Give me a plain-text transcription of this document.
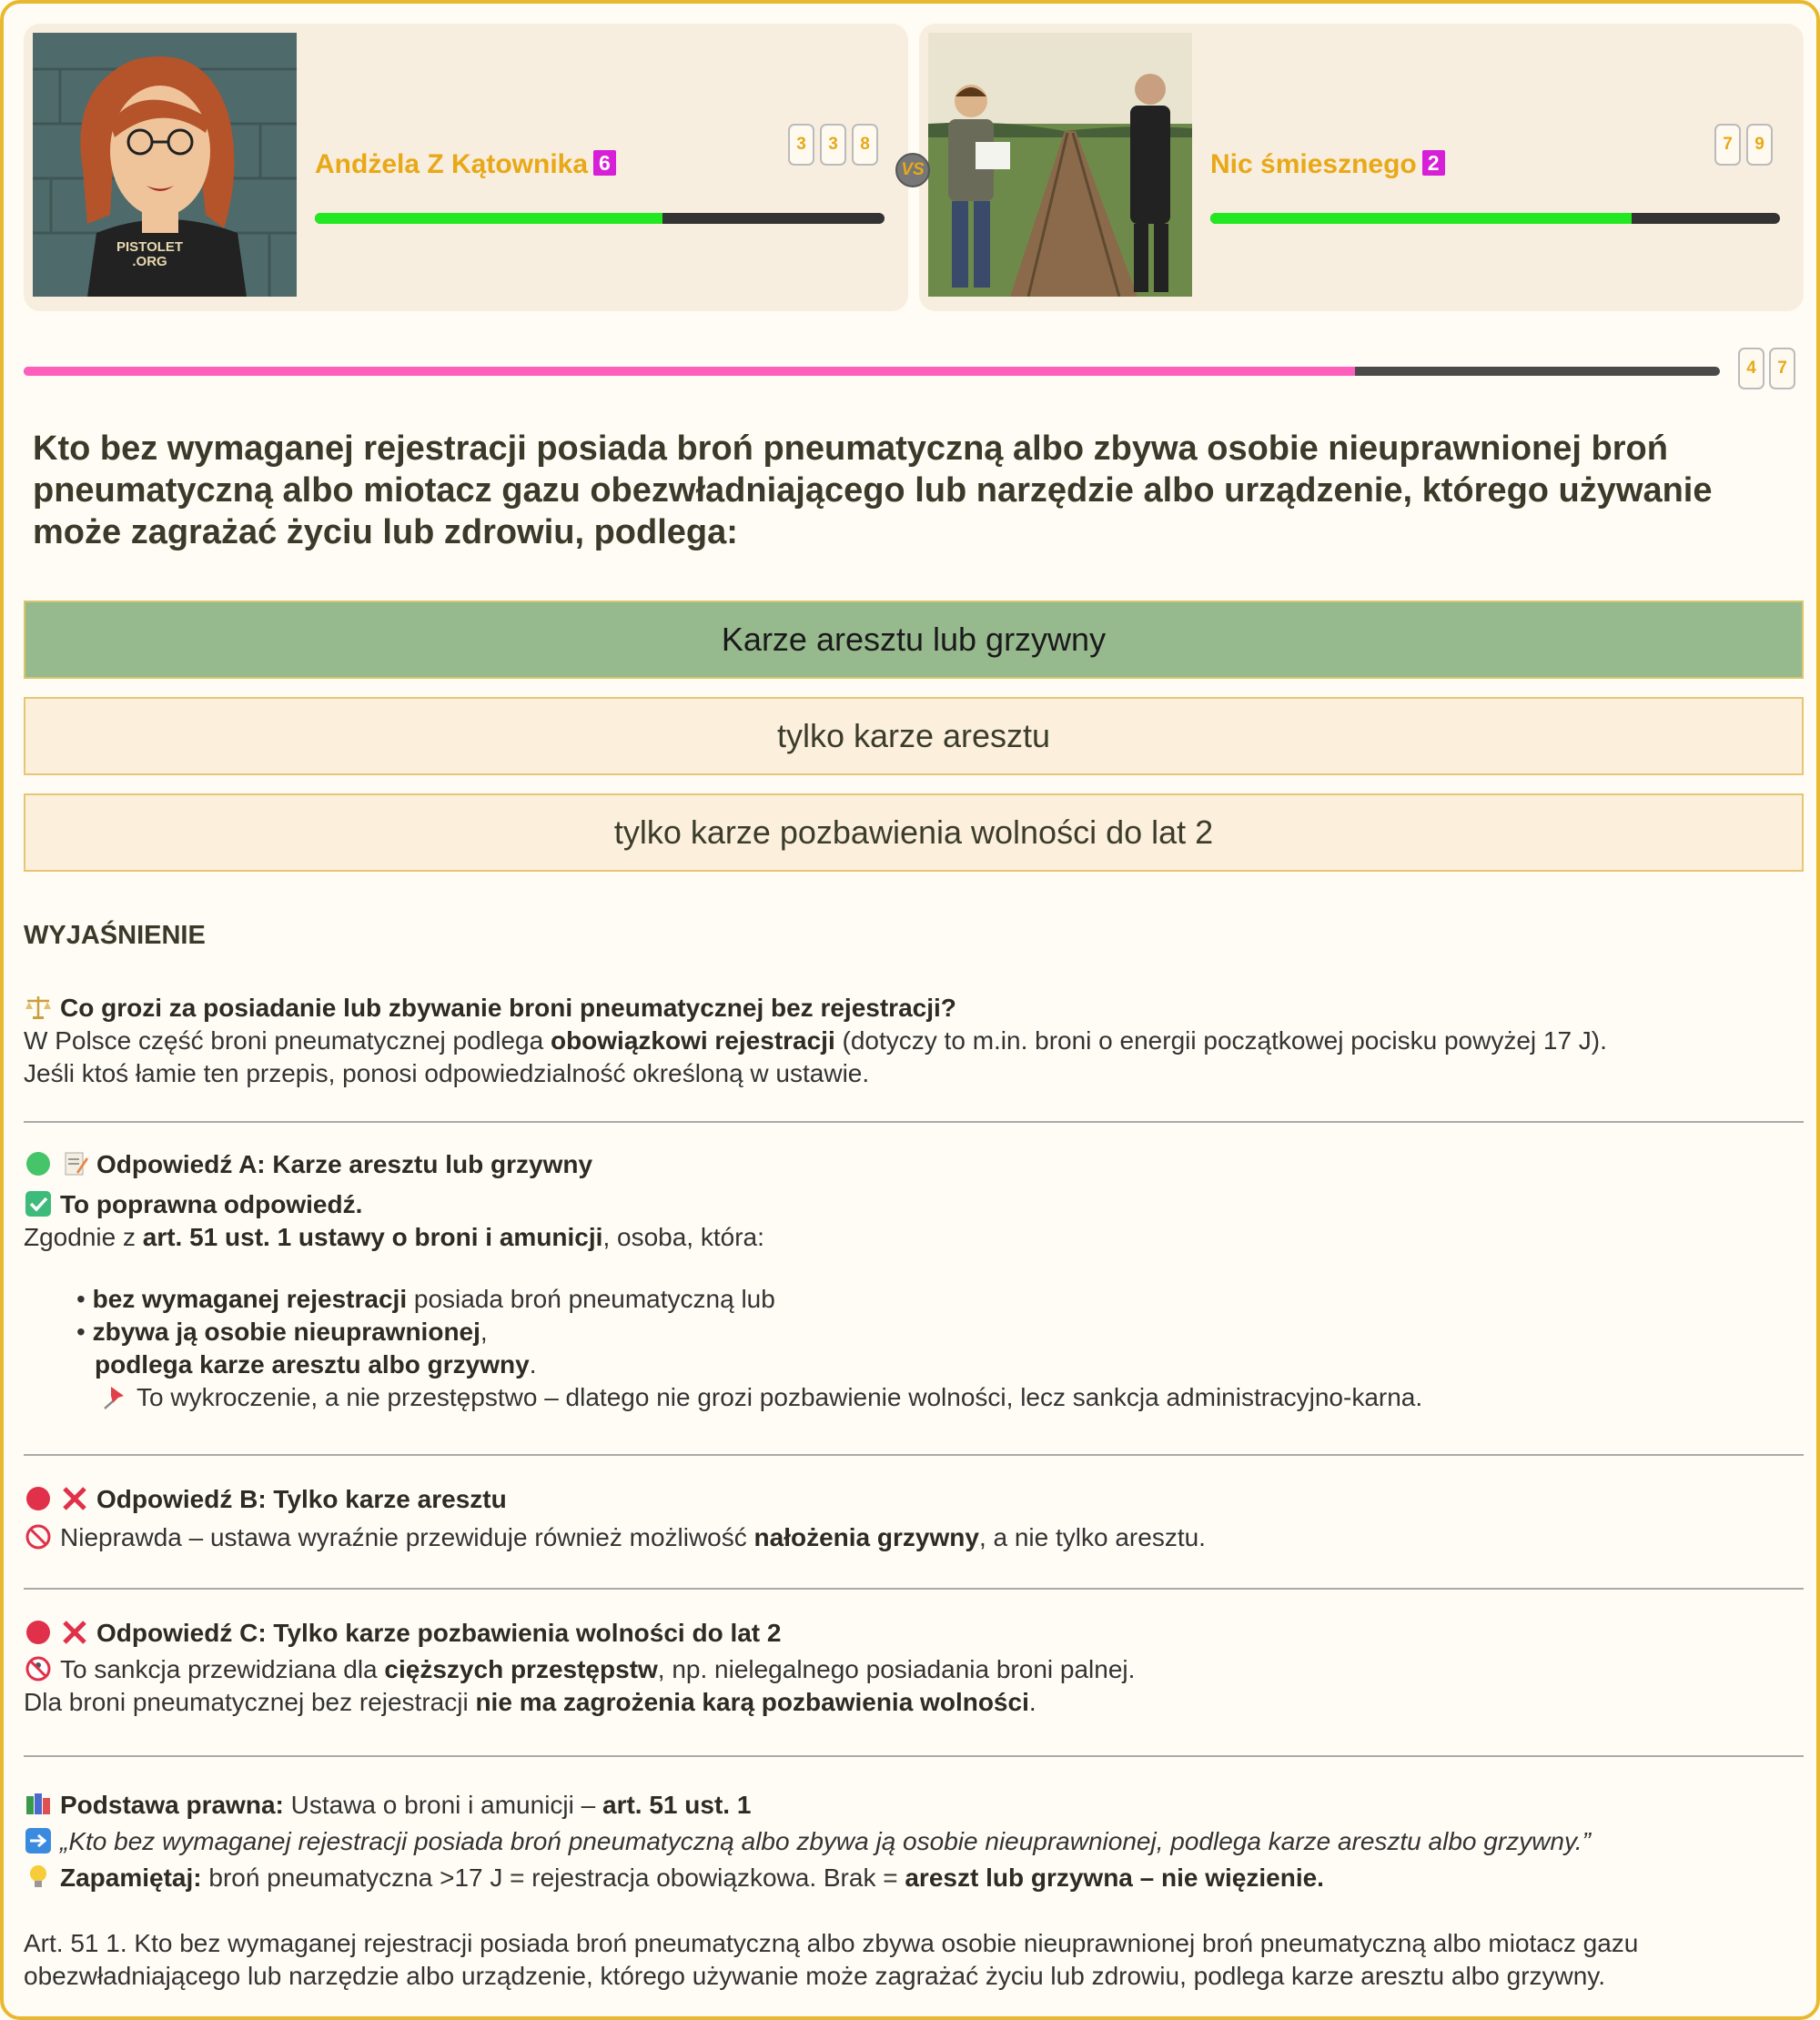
PISTOLET
.ORG
Andżela Z Kątownika 6
3	3	8
VS	Nic śmiesznego 2
7	9
4	7
Kto bez wymaganej rejestracji posiada broń pneumatyczną albo zbywa osobie nieuprawnionej broń pneumatyczną albo miotacz gazu obezwładniającego lub narzędzie albo urządzenie, którego używanie może zagrażać życiu lub zdrowiu, podlega:
Karze aresztu lub grzywny
tylko karze aresztu
tylko karze pozbawienia wolności do lat 2
WYJAŚNIENIE
Co grozi za posiadanie lub zbywanie broni pneumatycznej bez rejestracji?
W Polsce część broni pneumatycznej podlega obowiązkowi rejestracji (dotyczy to m.in. broni o energii początkowej pocisku powyżej 17 J).
Jeśli ktoś łamie ten przepis, ponosi odpowiedzialność określoną w ustawie.
Odpowiedź A: Karze aresztu lub grzywny
To poprawna odpowiedź.
Zgodnie z art. 51 ust. 1 ustawy o broni i amunicji, osoba, która:
• bez wymaganej rejestracji posiada broń pneumatyczną lub
• zbywa ją osobie nieuprawnionej,
podlega karze aresztu albo grzywny.
To wykroczenie, a nie przestępstwo – dlatego nie grozi pozbawienie wolności, lecz sankcja administracyjno-karna.
Odpowiedź B: Tylko karze aresztu
Nieprawda – ustawa wyraźnie przewiduje również możliwość nałożenia grzywny, a nie tylko aresztu.
Odpowiedź C: Tylko karze pozbawienia wolności do lat 2
To sankcja przewidziana dla cięższych przestępstw, np. nielegalnego posiadania broni palnej.
Dla broni pneumatycznej bez rejestracji nie ma zagrożenia karą pozbawienia wolności.
Podstawa prawna: Ustawa o broni i amunicji – art. 51 ust. 1
„Kto bez wymaganej rejestracji posiada broń pneumatyczną albo zbywa ją osobie nieuprawnionej, podlega karze aresztu albo grzywny.”
Zapamiętaj: broń pneumatyczna >17 J = rejestracja obowiązkowa. Brak = areszt lub grzywna – nie więzienie.
Art. 51 1. Kto bez wymaganej rejestracji posiada broń pneumatyczną albo zbywa osobie nieuprawnionej broń pneumatyczną albo miotacz gazu obezwładniającego lub narzędzie albo urządzenie, którego używanie może zagrażać życiu lub zdrowiu, podlega karze aresztu albo grzywny.
